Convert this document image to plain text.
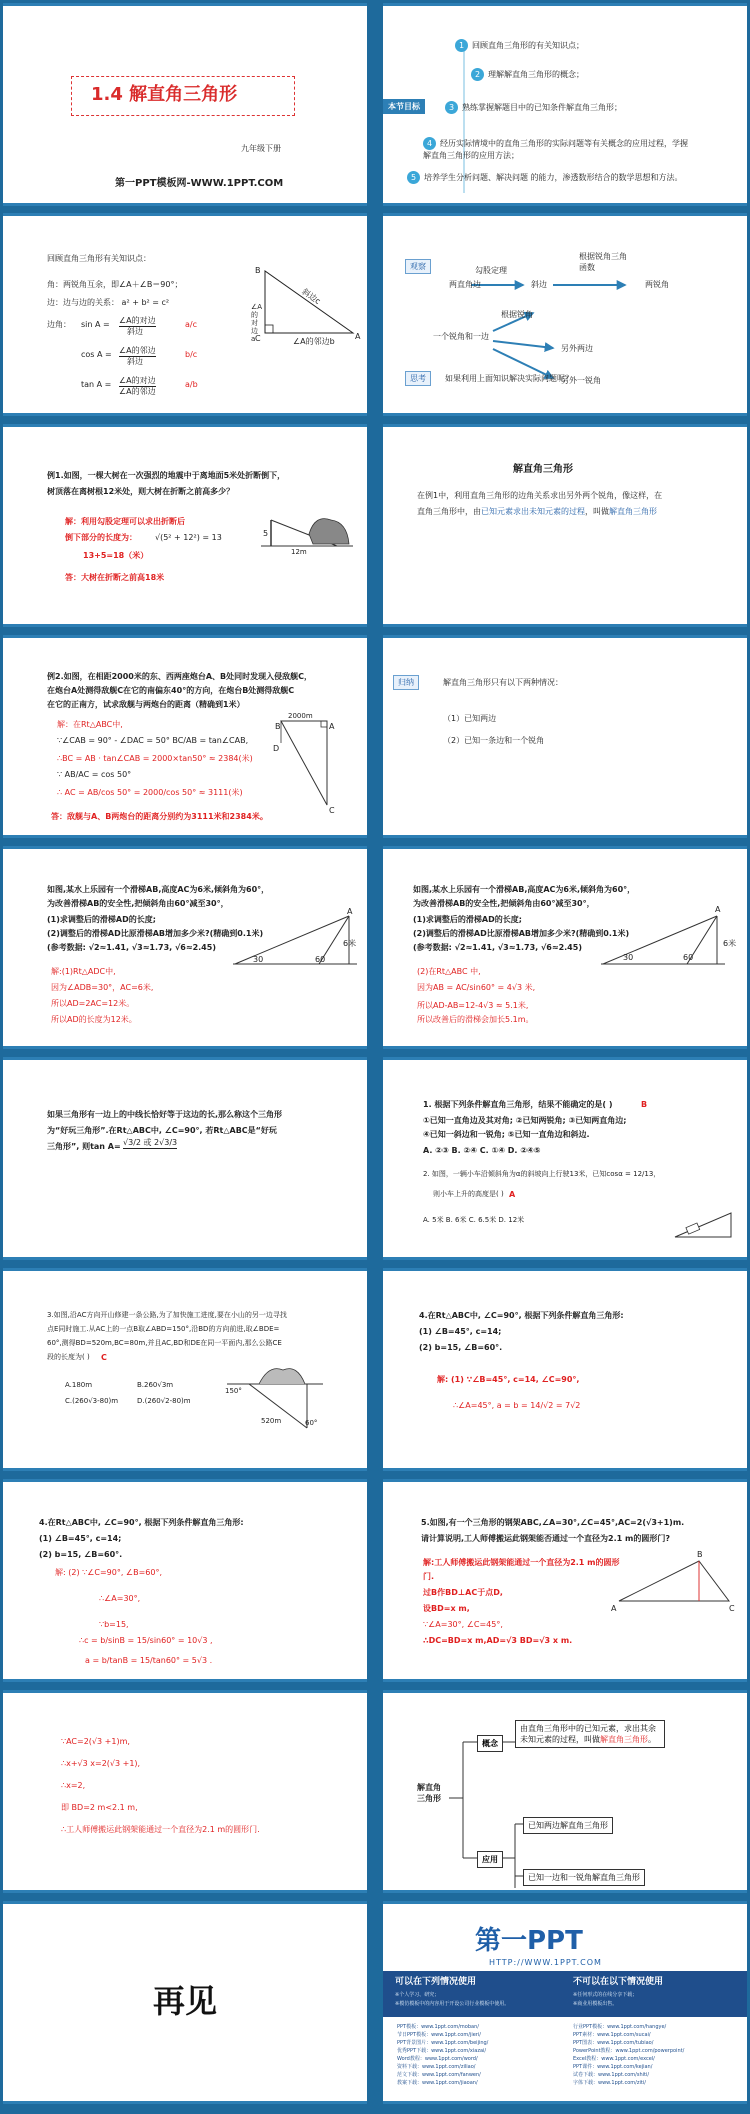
1.4 解直角三角形
九年级下册
第一PPT模板网-WWW.1PPT.COM
本节目标
1 回顾直角三角形的有关知识点；
2 理解解直角三角形的概念；
3 熟练掌握解题目中的已知条件解直角三角形；
4 经历实际情境中的直角三角形的实际问题等有关概念的应用过程，学握解直角三角形的应用方法；
5 培养学生分析问题、解决问题 的能力，渗透数形结合的数学思想和方法。
回顾直角三角形有关知识点：
角：两锐角互余，即∠A＋∠B＝90°；
边：边与边的关系： a² + b² = c²
边角： sin A = ∠A的对边
斜边
a/c
cos A = ∠A的邻边
斜边
b/c
tan A = ∠A的对边
∠A的邻边
a/b
B
A
C
斜边c
∠A的对边a	∠A的邻边b
观察
思考
两直角边
勾股定理
斜边
根据锐角三角函数
两锐角
一个锐角和一边
根据锐角
另外两边
另外一锐角
如果利用上面知识解决实际问题呢？
例1.如图，一棵大树在一次强烈的地震中于离地面5米处折断倒下，
树顶落在离树根12米处，则大树在折断之前高多少？
解：利用勾股定理可以求出折断后
倒下部分的长度为： √(5² + 12²) = 13
13+5=18（米）
答：大树在折断之前高18米
5
12m
解直角三角形
在例1中，利用直角三角形的边角关系求出另外两个锐角，像这样，在
直角三角形中，由已知元素求出未知元素的过程，叫做解直角三角形
例2.如图，在相距2000米的东、西两座炮台A、B处同时发现入侵敌舰C，
在炮台A处测得敌舰C在它的南偏东40°的方向，在炮台B处测得敌舰C
在它的正南方，试求敌舰与两炮台的距离（精确到1米）
解：在Rt△ABC中,
∵∠CAB = 90° - ∠DAC = 50° BC/AB = tan∠CAB,
∴BC = AB · tan∠CAB = 2000×tan50° ≈ 2384(米)
∵ AB/AC = cos 50°
∴ AC = AB/cos 50° = 2000/cos 50° ≈ 3111(米)
答：敌舰与A、B两炮台的距离分别约为3111米和2384米。
2000m
B	A
D
C
归纳	解直角三角形只有以下两种情况：
（1）已知两边
（2）已知一条边和一个锐角
如图,某水上乐园有一个滑梯AB,高度AC为6米,倾斜角为60°，
为改善滑梯AB的安全性,把倾斜角由60°减至30°，
(1)求调整后的滑梯AD的长度;
(2)调整后的滑梯AD比原滑梯AB增加多少米?(精确到0.1米)
(参考数据: √2≈1.41, √3≈1.73, √6≈2.45)
解:(1)Rt△ADC中,
因为∠ADB=30°，AC=6米,
所以AD=2AC=12米。
所以AD的长度为12米。
A
6米
30	60
如图,某水上乐园有一个滑梯AB,高度AC为6米,倾斜角为60°，
为改善滑梯AB的安全性,把倾斜角由60°减至30°，
(1)求调整后的滑梯AD的长度;
(2)调整后的滑梯AD比原滑梯AB增加多少米?(精确到0.1米)
(参考数据: √2≈1.41, √3≈1.73, √6≈2.45)
(2)在Rt△ABC 中,
因为AB = AC/sin60° = 4√3 米,
所以AD-AB=12-4√3 ≈ 5.1米,
所以改善后的滑梯会加长5.1m。
A
6米
30	60
如果三角形有一边上的中线长恰好等于这边的长,那么称这个三角形
为“好玩三角形”.在Rt△ABC中, ∠C=90°, 若Rt△ABC是“好玩
三角形”, 则tan A= √3/2 或 2√3/3
1. 根据下列条件解直角三角形，结果不能确定的是( )	B
①已知一直角边及其对角; ②已知两锐角; ③已知两直角边;
④已知一斜边和一锐角; ⑤已知一直角边和斜边.
A. ②③ B. ②④ C. ①④ D. ②④⑤
2. 如图，一辆小车沿倾斜角为α的斜坡向上行驶13米，已知cosα = 12/13，
则小车上升的高度是( ) A
A. 5米 B. 6米 C. 6.5米 D. 12米
3.如图,沿AC方向开山修建一条公路,为了加快施工进度,要在小山的另一边寻找
点E同时施工.从AC上的一点B取∠ABD=150°,沿BD的方向前进,取∠BDE=
60°,测得BD=520m,BC=80m,并且AC,BD和DE在同一平面内,那么公路CE
段的长度为( ) C
A.180m	B.260√3m
C.(260√3-80)m	D.(260√2-80)m
150°
520m	60°
4.在Rt△ABC中, ∠C=90°, 根据下列条件解直角三角形:
(1) ∠B=45°, c=14;
(2) b=15, ∠B=60°.
解: (1) ∵∠B=45°, c=14, ∠C=90°,
∴∠A=45°, a = b = 14/√2 = 7√2
4.在Rt△ABC中, ∠C=90°, 根据下列条件解直角三角形:
(1) ∠B=45°, c=14;
(2) b=15, ∠B=60°.
解: (2) ∵∠C=90°, ∠B=60°,
∴∠A=30°,
∵b=15,
∴c = b/sinB = 15/sin60° = 10√3 ,
a = b/tanB = 15/tan60° = 5√3 .
5.如图,有一个三角形的钢架ABC,∠A=30°,∠C=45°,AC=2(√3+1)m.
请计算说明,工人师傅搬运此钢架能否通过一个直径为2.1 m的圆形门?
解:工人师傅搬运此钢架能通过一个直径为2.1 m的圆形
门.
过B作BD⊥AC于点D,
设BD=x m,
∵∠A=30°, ∠C=45°,
∴DC=BD=x m,AD=√3 BD=√3 x m.
B
A	C
∵AC=2(√3 +1)m,
∴x+√3 x=2(√3 +1),
∴x=2,
即 BD=2 m<2.1 m,
∴工人师傅搬运此钢架能通过一个直径为2.1 m的圆形门.
解直角三角形
概念
由直角三角形中的已知元素，求出其余未知元素的过程，叫做解直角三角形。
应用
已知两边解直角三角形
已知一边和一锐角解直角三角形
再见
第一PPT
HTTP://WWW.1PPT.COM
可以在下列情况使用
※个人学习、研究；
※模仿模板中的内容用于开设公司行业模板中使用。
不可以在以下情况使用
※任何形式的在线分享下载；
※商业用模板出售。
PPT模板：www.1ppt.com/moban/
节日PPT模板：www.1ppt.com/jieri/
PPT背景图片：www.1ppt.com/beijing/
优秀PPT下载：www.1ppt.com/xiazai/
Word教程：www.1ppt.com/word/
资料下载：www.1ppt.com/ziliao/
范文下载：www.1ppt.com/fanwen/
教案下载：www.1ppt.com/jiaoan/
行业PPT模板：www.1ppt.com/hangye/
PPT素材：www.1ppt.com/sucai/
PPT图表：www.1ppt.com/tubiao/
PowerPoint教程：www.1ppt.com/powerpoint/
Excel教程：www.1ppt.com/excel/
PPT课件：www.1ppt.com/kejian/
试卷下载：www.1ppt.com/shiti/
字体下载：www.1ppt.com/ziti/
